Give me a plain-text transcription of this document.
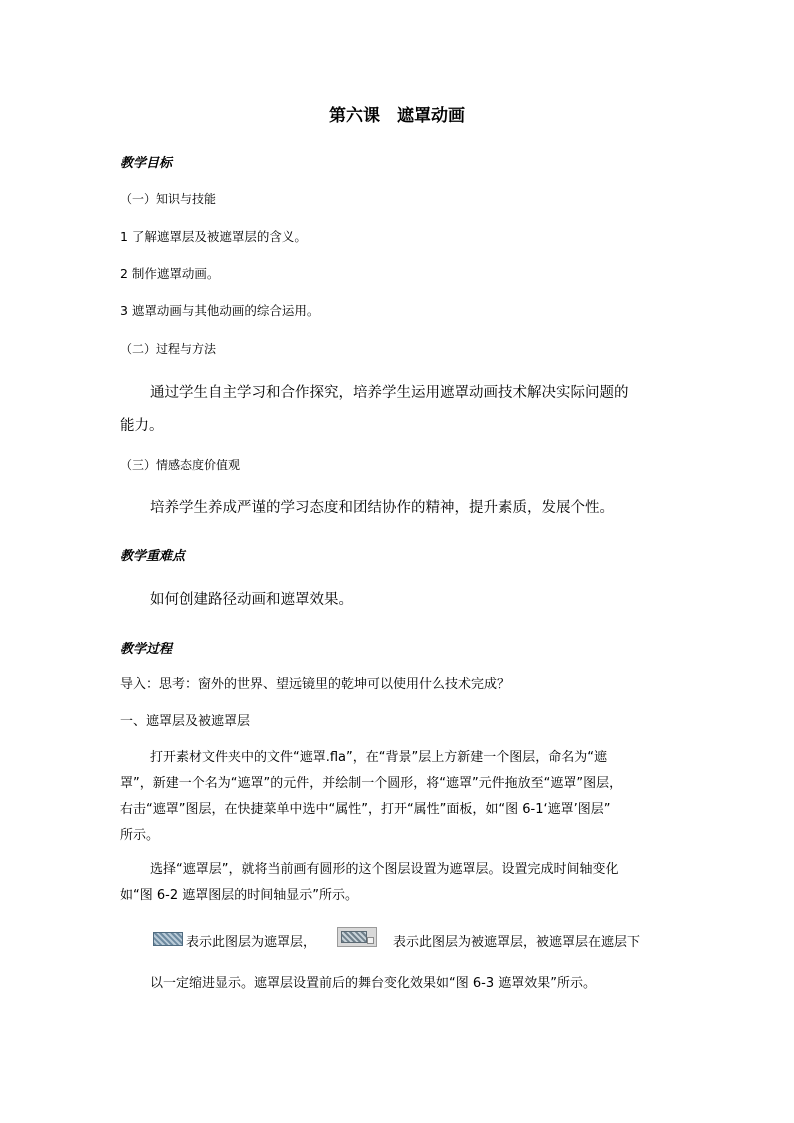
第六课　遮罩动画
教学目标
（一）知识与技能
1 了解遮罩层及被遮罩层的含义。
2 制作遮罩动画。
3 遮罩动画与其他动画的综合运用。
（二）过程与方法
通过学生自主学习和合作探究，培养学生运用遮罩动画技术解决实际问题的
能力。
（三）情感态度价值观
培养学生养成严谨的学习态度和团结协作的精神，提升素质，发展个性。
教学重难点
如何创建路径动画和遮罩效果。
教学过程
导入：思考：窗外的世界、望远镜里的乾坤可以使用什么技术完成？
一、遮罩层及被遮罩层
打开素材文件夹中的文件“遮罩.fla”，在“背景”层上方新建一个图层，命名为“遮
罩”，新建一个名为“遮罩”的元件，并绘制一个圆形，将“遮罩”元件拖放至“遮罩”图层，
右击“遮罩”图层，在快捷菜单中选中“属性”，打开“属性”面板，如“图 6-1‘遮罩’图层”
所示。
选择“遮罩层”，就将当前画有圆形的这个图层设置为遮罩层。设置完成时间轴变化
如“图 6-2 遮罩图层的时间轴显示”所示。
表示此图层为遮罩层，	表示此图层为被遮罩层，被遮罩层在遮层下
以一定缩进显示。遮罩层设置前后的舞台变化效果如“图 6-3 遮罩效果”所示。
